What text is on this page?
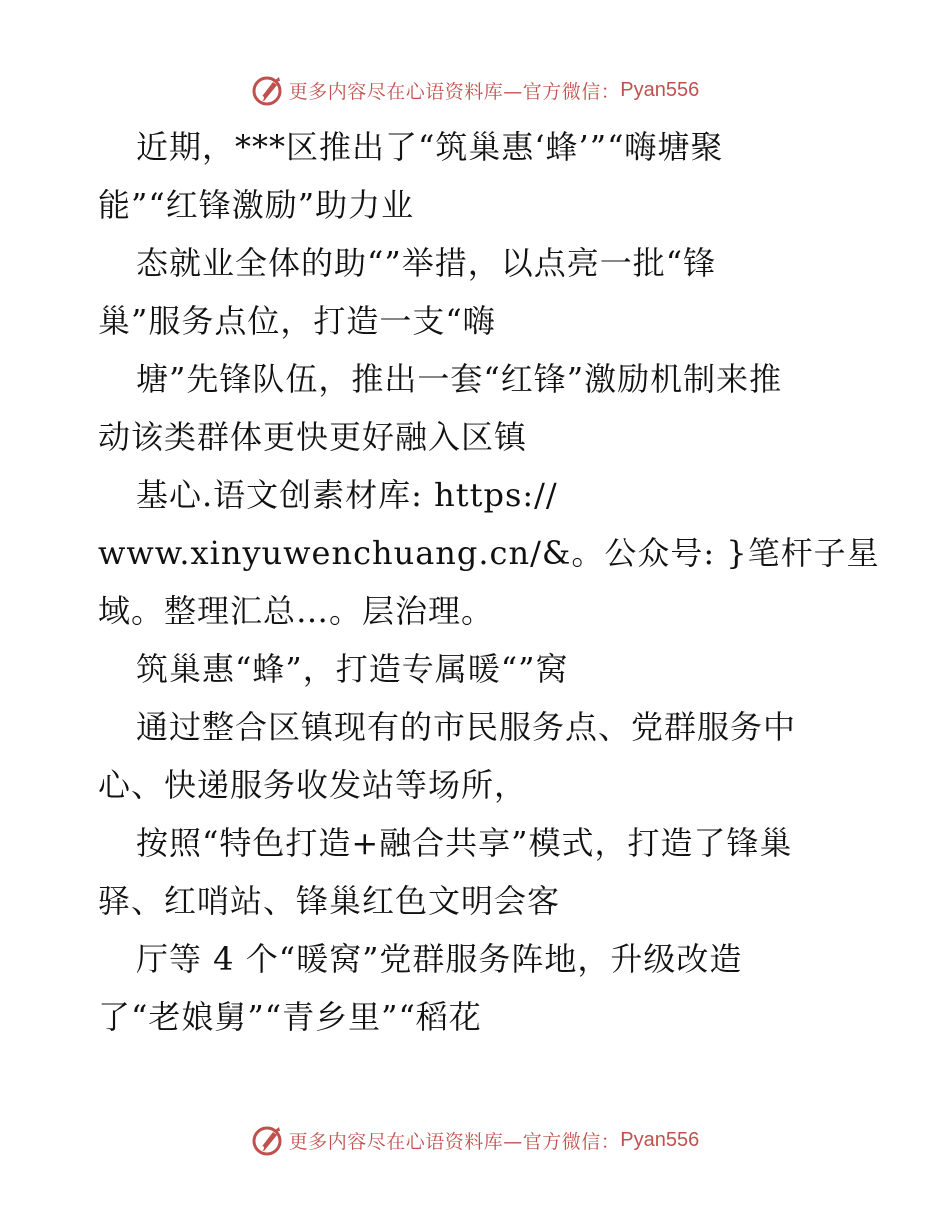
更多内容尽在心语资料库—官方微信： Pyan556
近期，***区推出了“筑巢惠‘蜂’”“嗨塘聚
能”“红锋激励”助力业
态就业全体的助“”举措，以点亮一批“锋
巢”服务点位，打造一支“嗨
塘”先锋队伍，推出一套“红锋”激励机制来推
动该类群体更快更好融入区镇
基心.语文创素材库: https://
www.xinyuwenchuang.cn/&。公众号: }笔杆子星
域。整理汇总…。层治理。
筑巢惠“蜂”，打造专属暖“”窝
通过整合区镇现有的市民服务点、党群服务中
心、快递服务收发站等场所，
按照“特色打造+融合共享”模式，打造了锋巢
驿、红哨站、锋巢红色文明会客
厅等 4 个“暖窝”党群服务阵地，升级改造
了“老娘舅”“青乡里”“稻花
更多内容尽在心语资料库—官方微信： Pyan556
